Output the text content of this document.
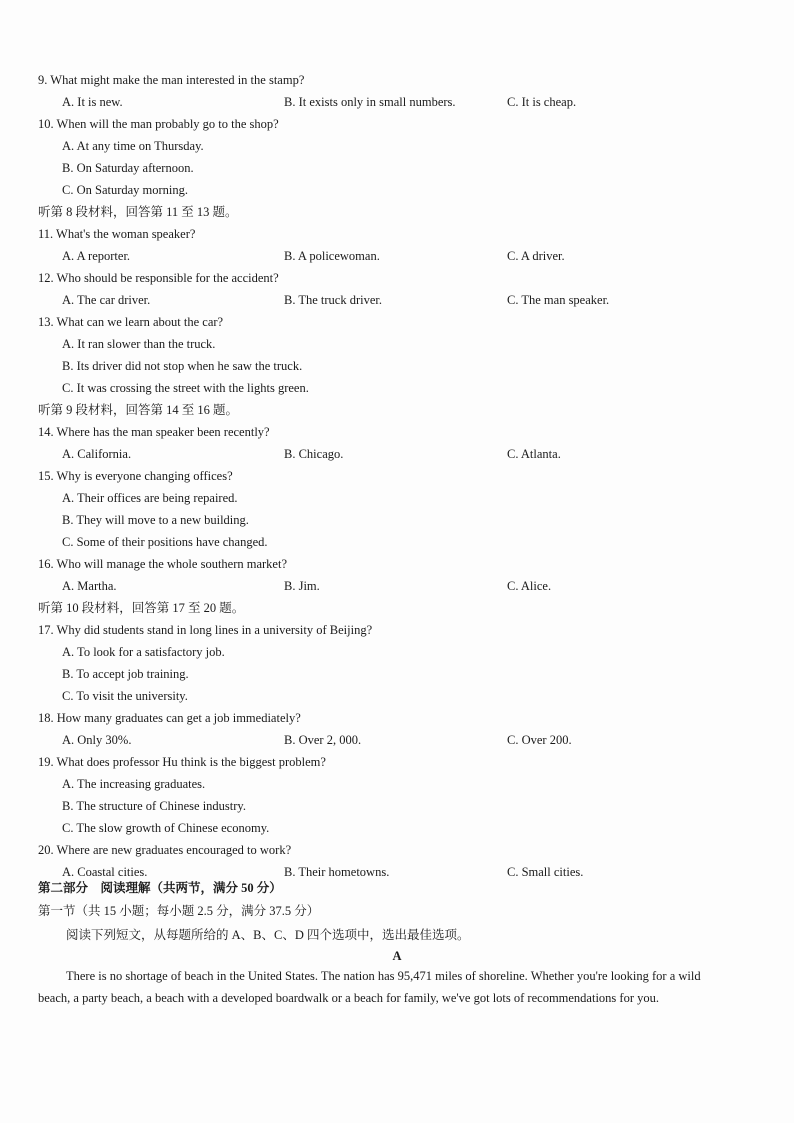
9. What might make the man interested in the stamp?
A. It is new.	B. It exists only in small numbers.	C. It is cheap.
10. When will the man probably go to the shop?
A. At any time on Thursday.
B. On Saturday afternoon.
C. On Saturday morning.
听第 8 段材料，回答第 11 至 13 题。
11. What's the woman speaker?
A. A reporter.	B. A policewoman.	C. A driver.
12. Who should be responsible for the accident?
A. The car driver.	B. The truck driver.	C. The man speaker.
13. What can we learn about the car?
A. It ran slower than the truck.
B. Its driver did not stop when he saw the truck.
C. It was crossing the street with the lights green.
听第 9 段材料，回答第 14 至 16 题。
14. Where has the man speaker been recently?
A. California.	B. Chicago.	C. Atlanta.
15. Why is everyone changing offices?
A. Their offices are being repaired.
B. They will move to a new building.
C. Some of their positions have changed.
16. Who will manage the whole southern market?
A. Martha.	B. Jim.	C. Alice.
听第 10 段材料，回答第 17 至 20 题。
17. Why did students stand in long lines in a university of Beijing?
A. To look for a satisfactory job.
B. To accept job training.
C. To visit the university.
18. How many graduates can get a job immediately?
A. Only 30%.	B. Over 2, 000.	C. Over 200.
19. What does professor Hu think is the biggest problem?
A. The increasing graduates.
B. The structure of Chinese industry.
C. The slow growth of Chinese economy.
20. Where are new graduates encouraged to work?
A. Coastal cities.	B. Their hometowns.	C. Small cities.
第二部分　阅读理解（共两节，满分 50 分）
第一节（共 15 小题；每小题 2.5 分，满分 37.5 分）
阅读下列短文，从每题所给的 A、B、C、D 四个选项中，选出最佳选项。
A
There is no shortage of beach in the United States. The nation has 95,471 miles of shoreline. Whether you're looking for a wild beach, a party beach, a beach with a developed boardwalk or a beach for family, we've got lots of recommendations for you.
